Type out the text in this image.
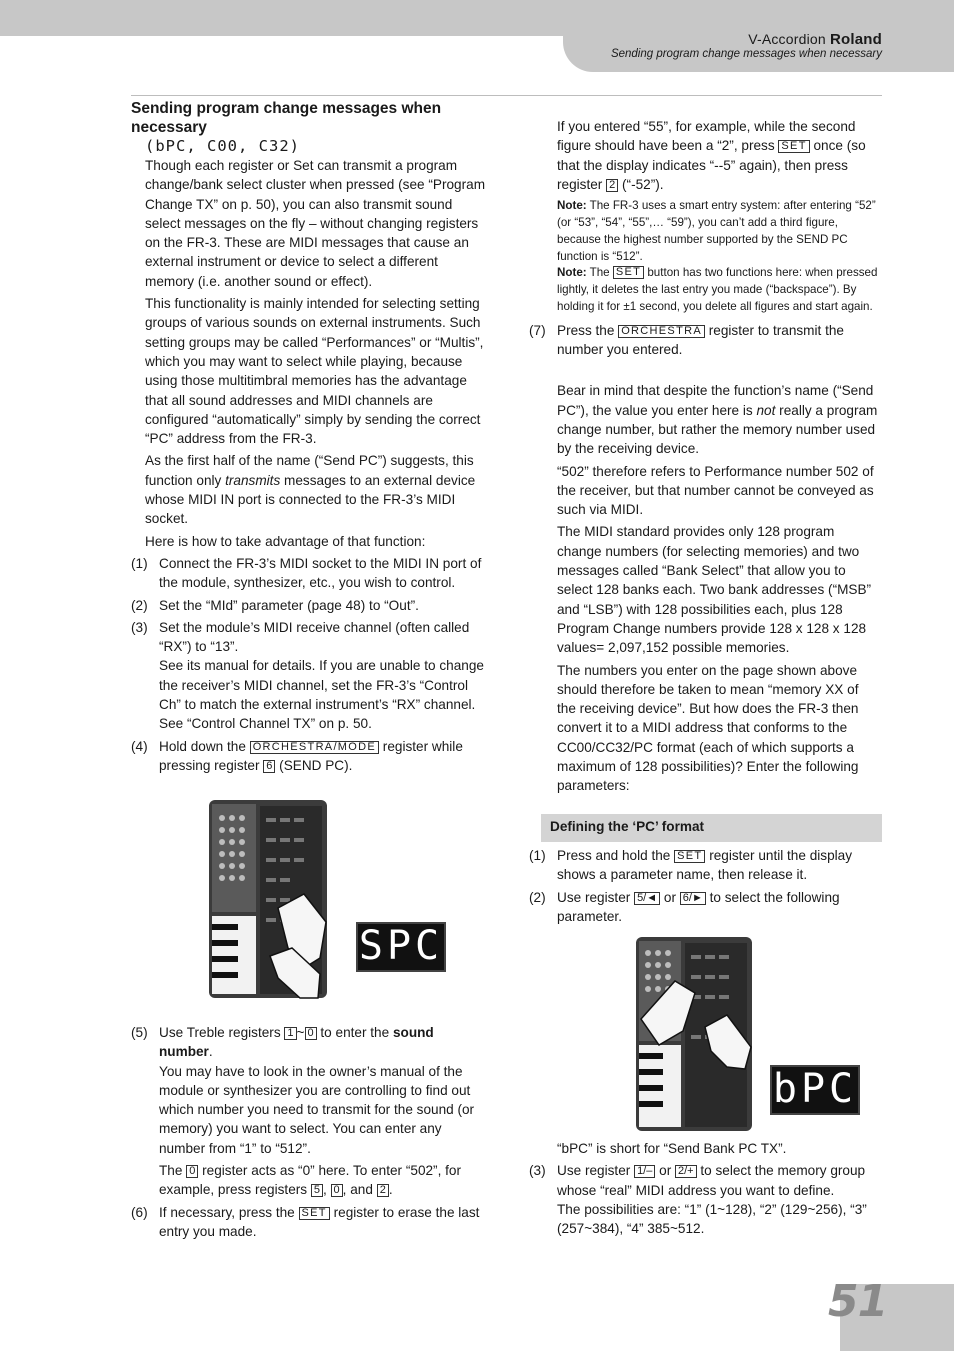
V-Accordion Roland
Sending program change messages when necessary

Sending program change messages when necessary
(bPC, C00, C32)

Though each register or Set can transmit a program change/bank select cluster when pressed (see “Program Change TX” on p. 50), you can also transmit sound select messages on the fly – without changing registers on the FR-3. These are MIDI messages that cause an external instrument or device to select a different memory (i.e. another sound or effect).

This functionality is mainly intended for selecting setting groups of various sounds on external instruments. Such setting groups may be called “Performances” or “Multis”, which you may want to select while playing, because using those multitimbral memories has the advantage that all sound addresses and MIDI channels are configured “automatically” simply by sending the correct “PC” address from the FR-3.

As the first half of the name (“Send PC”) suggests, this function only transmits messages to an external device whose MIDI IN port is connected to the FR-3’s MIDI socket.

Here is how to take advantage of that function:

(1) Connect the FR-3’s MIDI socket to the MIDI IN port of the module, synthesizer, etc., you wish to control.
(2) Set the “MId” parameter (page 48) to “Out”.
(3) Set the module’s MIDI receive channel (often called “RX”) to “13”.
See its manual for details. If you are unable to change the receiver’s MIDI channel, set the FR-3’s “Control Ch” to match the external instrument’s “RX” channel. See “Control Channel TX” on p. 50.
(4) Hold down the ORCHESTRA/MODE register while pressing register 6 (SEND PC).
SPC
(5) Use Treble registers 1 ~ 0 to enter the sound number.
You may have to look in the owner’s manual of the module or synthesizer you are controlling to find out which number you need to transmit for the sound (or memory) you want to select. You can enter any number from “1” to “512”.
The 0 register acts as “0” here. To enter “502”, for example, press registers 5 , 0 , and 2 .
(6) If necessary, press the SET register to erase the last entry you made.

If you entered “55”, for example, while the second figure should have been a “2”, press SET once (so that the display indicates “--5” again), then press register 2 (“-52”).

Note: The FR-3 uses a smart entry system: after entering “52” (or “53”, “54”, “55”,… “59”), you can’t add a third figure, because the highest number supported by the SEND PC function is “512”.

Note: The SET button has two functions here: when pressed lightly, it deletes the last entry you made (“backspace”). By holding it for ±1 second, you delete all figures and start again.

(7) Press the ORCHESTRA register to transmit the number you entered.

Bear in mind that despite the function’s name (“Send PC”), the value you enter here is not really a program change number, but rather the memory number used by the receiving device.

“502” therefore refers to Performance number 502 of the receiver, but that number cannot be conveyed as such via MIDI.

The MIDI standard provides only 128 program change numbers (for selecting memories) and two messages called “Bank Select” that allow you to select 128 banks each. Two bank addresses (“MSB” and “LSB”) with 128 possibilities each, plus 128 Program Change numbers provide 128 x 128 x 128 values= 2,097,152 possible memories.

The numbers you enter on the page shown above should therefore be taken to mean “memory XX of the receiving device”. But how does the FR-3 then convert it to a MIDI address that conforms to the CC00/CC32/PC format (each of which supports a maximum of 128 possibilities)? Enter the following parameters:

Defining the ‘PC’ format
(1) Press and hold the SET register until the display shows a parameter name, then release it.
(2) Use register 5/◄ or 6/► to select the following parameter.
bPC

“bPC” is short for “Send Bank PC TX”.

(3) Use register 1/– or 2/+ to select the memory group whose “real” MIDI address you want to define.
The possibilities are: “1” (1~128), “2” (129~256), “3” (257~384), “4” 385~512.
51
